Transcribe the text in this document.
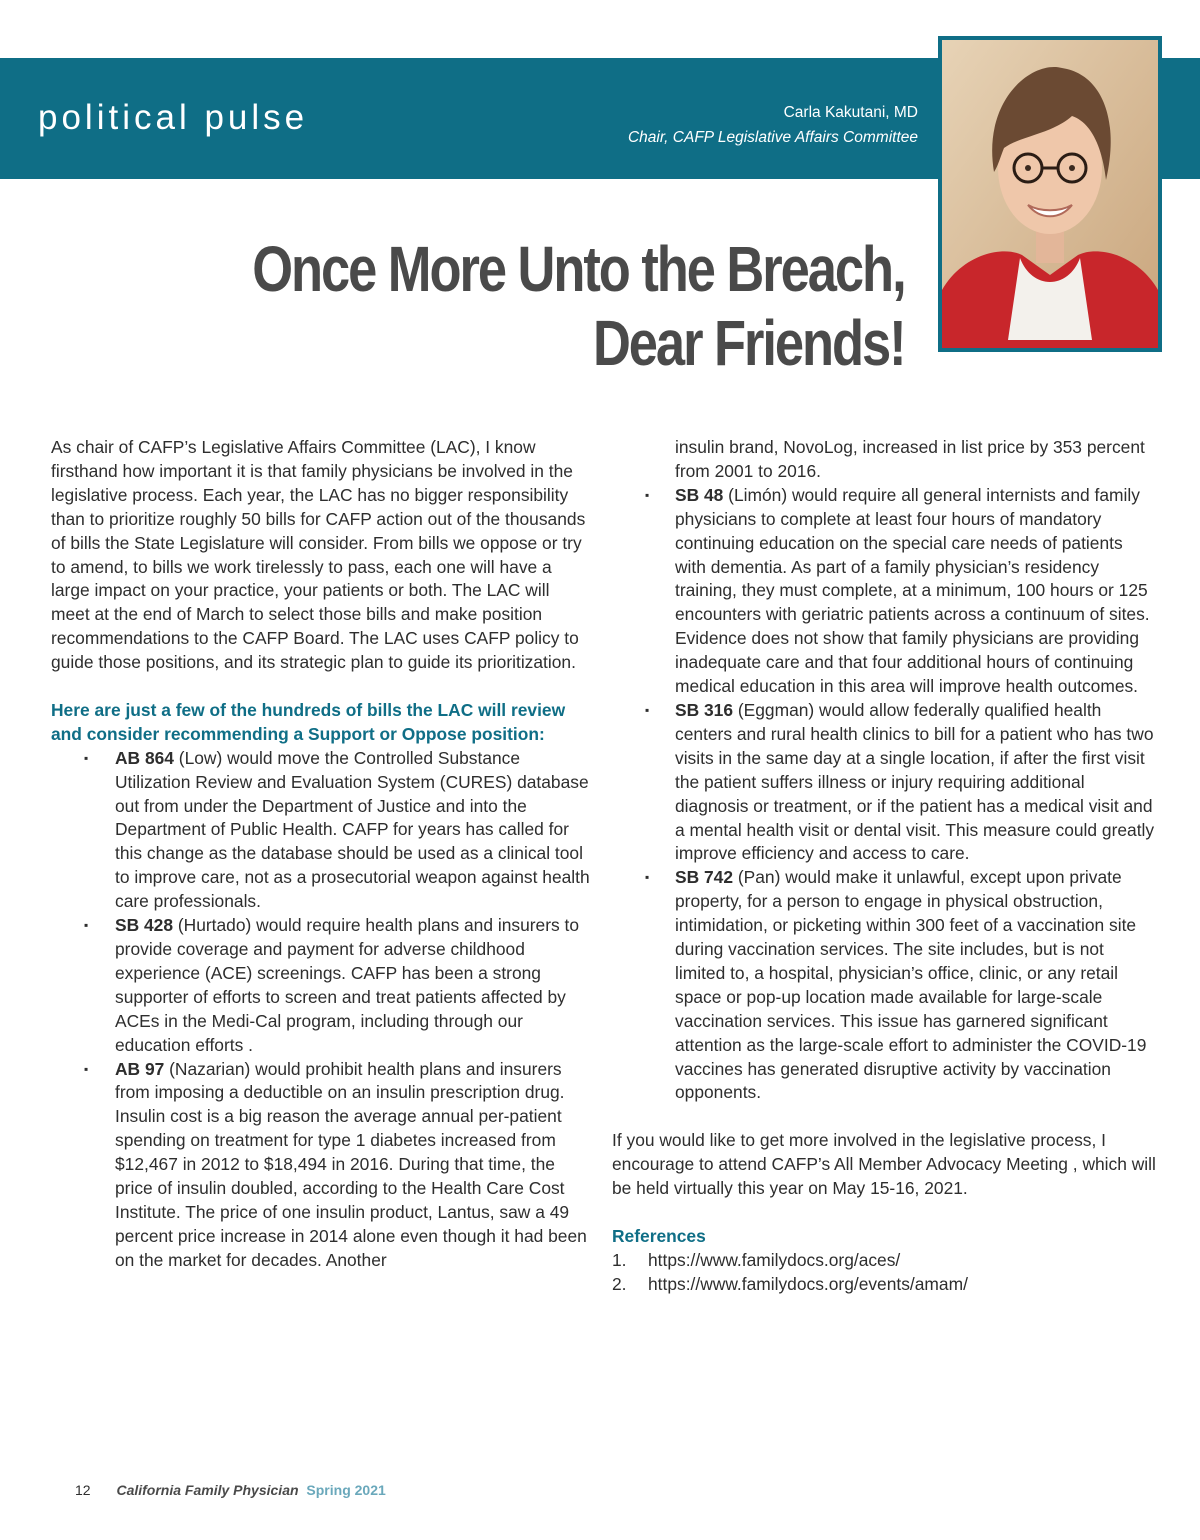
political pulse	Carla Kakutani, MD
Chair, CAFP Legislative Affairs Committee
Once More Unto the Breach,
Dear Friends!

As chair of CAFP’s Legislative Affairs Committee (LAC), I know firsthand how important it is that family physicians be involved in the legislative process. Each year, the LAC has no bigger responsibility than to prioritize roughly 50 bills for CAFP action out of the thousands of bills the State Legislature will consider. From bills we oppose or try to amend, to bills we work tirelessly to pass, each one will have a large impact on your practice, your patients or both. The LAC will meet at the end of March to select those bills and make position recommendations to the CAFP Board. The LAC uses CAFP policy to guide those positions, and its strategic plan to guide its prioritization.

Here are just a few of the hundreds of bills the LAC will review and consider recommending a Support or Oppose position:

▪ AB 864 (Low) would move the Controlled Substance Utilization Review and Evaluation System (CURES) database out from under the Department of Justice and into the Department of Public Health. CAFP for years has called for this change as the database should be used as a clinical tool to improve care, not as a prosecutorial weapon against health care professionals.
▪ SB 428 (Hurtado) would require health plans and insurers to provide coverage and payment for adverse childhood experience (ACE) screenings. CAFP has been a strong supporter of efforts to screen and treat patients affected by ACEs in the Medi-Cal program, including through our education efforts .
▪ AB 97 (Nazarian) would prohibit health plans and insurers from imposing a deductible on an insulin prescription drug. Insulin cost is a big reason the average annual per-patient spending on treatment for type 1 diabetes increased from $12,467 in 2012 to $18,494 in 2016. During that time, the price of insulin doubled, according to the Health Care Cost Institute. The price of one insulin product, Lantus, saw a 49 percent price increase in 2014 alone even though it had been on the market for decades. Another

insulin brand, NovoLog, increased in list price by 353 percent from 2001 to 2016.

▪ SB 48 (Limón) would require all general internists and family physicians to complete at least four hours of mandatory continuing education on the special care needs of patients with dementia. As part of a family physician’s residency training, they must complete, at a minimum, 100 hours or 125 encounters with geriatric patients across a continuum of sites. Evidence does not show that family physicians are providing inadequate care and that four additional hours of continuing medical education in this area will improve health outcomes.
▪ SB 316 (Eggman) would allow federally qualified health centers and rural health clinics to bill for a patient who has two visits in the same day at a single location, if after the first visit the patient suffers illness or injury requiring additional diagnosis or treatment, or if the patient has a medical visit and a mental health visit or dental visit. This measure could greatly improve efficiency and access to care.
▪ SB 742 (Pan) would make it unlawful, except upon private property, for a person to engage in physical obstruction, intimidation, or picketing within 300 feet of a vaccination site during vaccination services. The site includes, but is not limited to, a hospital, physician’s office, clinic, or any retail space or pop-up location made available for large-scale vaccination services. This issue has garnered significant attention as the large-scale effort to administer the COVID-19 vaccines has generated disruptive activity by vaccination opponents.

If you would like to get more involved in the legislative process, I encourage to attend CAFP’s All Member Advocacy Meeting , which will be held virtually this year on May 15-16, 2021.

References

1. https://www.familydocs.org/aces/
2. https://www.familydocs.org/events/amam/
12 California Family Physician Spring 2021
